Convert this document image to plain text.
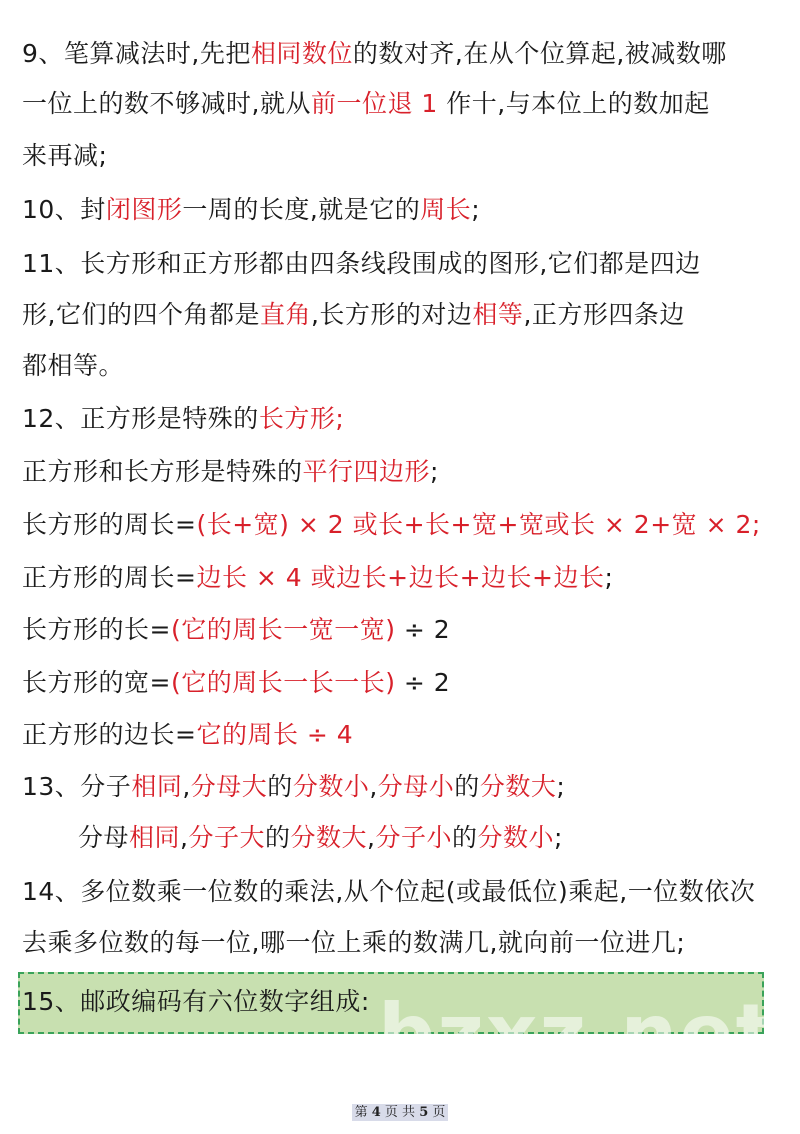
9、笔算减法时,先把相同数位的数对齐,在从个位算起,被减数哪
一位上的数不够减时,就从前一位退 1 作十,与本位上的数加起
来再减;
10、封闭图形一周的长度,就是它的周长;
11、长方形和正方形都由四条线段围成的图形,它们都是四边
形,它们的四个角都是直角,长方形的对边相等,正方形四条边
都相等。
12、正方形是特殊的长方形;
正方形和长方形是特殊的平行四边形;
长方形的周长=(长+宽) × 2 或长+长+宽+宽或长 × 2+宽 × 2;
正方形的周长=边长 × 4 或边长+边长+边长+边长;
长方形的长=(它的周长一宽一宽) ÷ 2
长方形的宽=(它的周长一长一长) ÷ 2
正方形的边长=它的周长 ÷ 4
13、分子相同,分母大的分数小,分母小的分数大;
分母相同,分子大的分数大,分子小的分数小;
14、多位数乘一位数的乘法,从个位起(或最低位)乘起,一位数依次
去乘多位数的每一位,哪一位上乘的数满几,就向前一位进几;
15、邮政编码有六位数字组成: bzxz.net
第 4 页 共 5 页
